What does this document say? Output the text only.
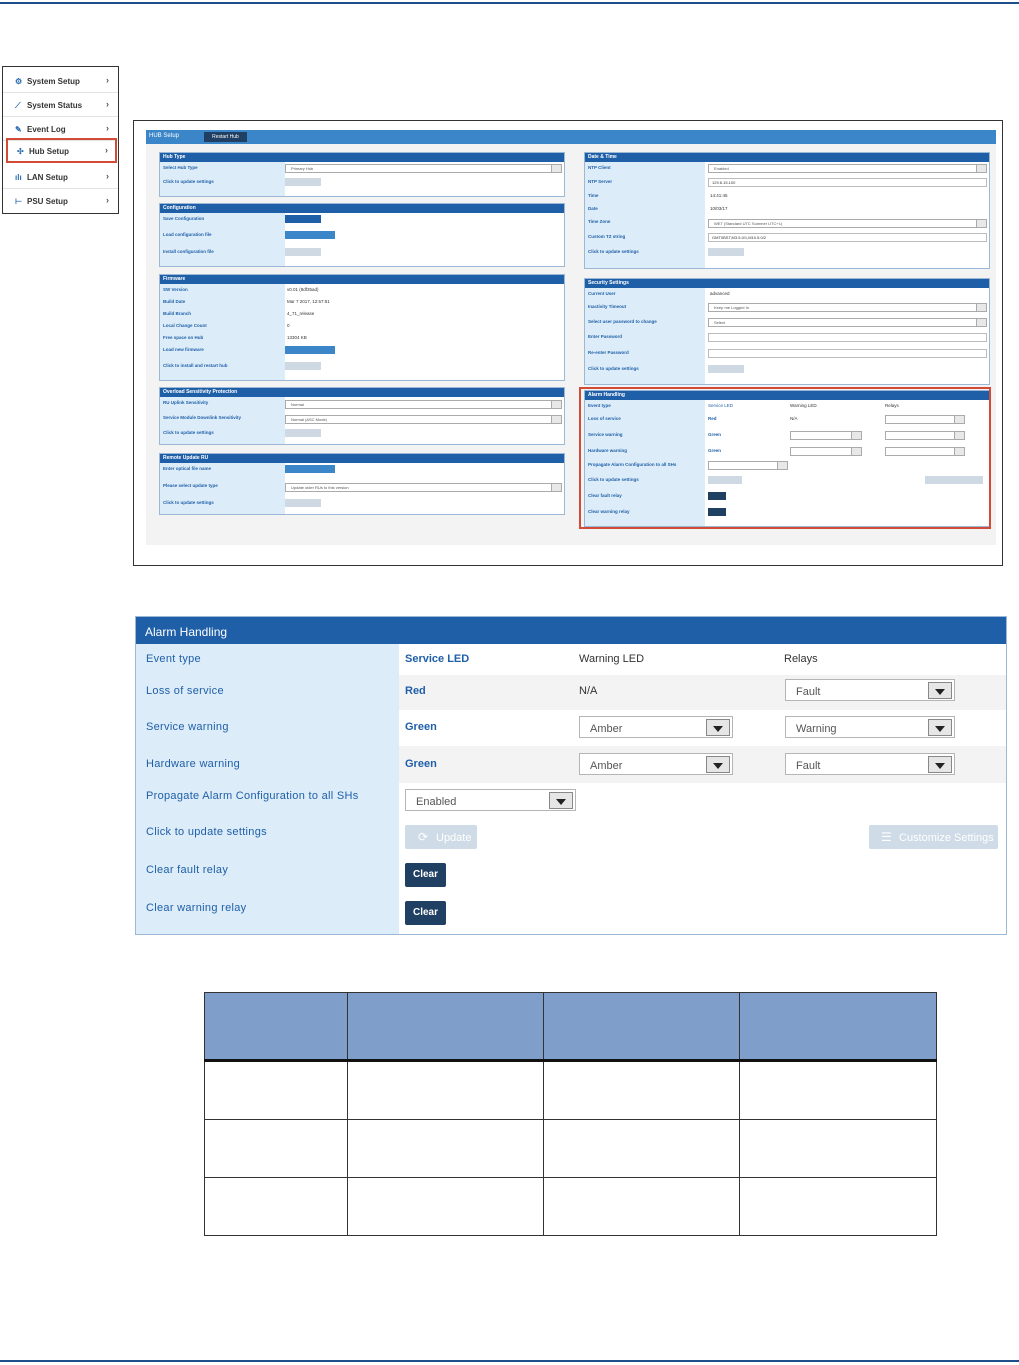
⚙ System Setup	›
⟋ System Status	›
✎ Event Log	›
✣ Hub Setup	›
ılı LAN Setup	›
⊢ PSU Setup	›
HUB Setup	Restart Hub
Hub Type
Select Hub Type	Primary Hub
Click to update settings
Configuration
Save Configuration
Load configuration file
Install configuration file
Firmware
SW Version	v0.01 (8df35ad)
Build Date	Mar 7 2017, 12:57:51
Build Branch	4_71_release
Local Change Count	0
Free space on Hub	13304 KB
Load new firmware
Click to install and restart hub
Overload Sensitivity Protection
RU Uplink Sensitivity	Normal
Service Module Downlink Sensitivity	Normal (ASC Mode)
Click to update settings
Remote Update RU
Enter optical file name
Please select update type	Update older RUs to this version
Click to update settings
Date & Time
NTP Client	Enabled
NTP Server	129.6.15.100
Time	14:41:45
Date	10/03/17
Time Zone	WET (Standard UTC Summer UTC+1)
Custom TZ string	GMT0BST,M3.5.0/1,M10.5.0/2
Click to update settings
Security Settings
Current User	advanced
Inactivity Timeout	Keep me Logged In
Select user password to change	Select
Enter Password
Re-enter Password
Click to update settings
Alarm Handling
Event type	Service LED	Warning LED	Relays
Loss of service	Red	N/A
Service warning	Green
Hardware warning	Green
Propagate Alarm Configuration to all SHs
Click to update settings
Clear fault relay
Clear warning relay
Alarm Handling
Event type	Service LED	Warning LED	Relays
Loss of service	Red	N/A	Fault
Service warning	Green	Amber	Warning
Hardware warning	Green	Amber	Fault
Propagate Alarm Configuration to all SHs	Enabled
Click to update settings	⟳ Update	☰ Customize Settings
Clear fault relay	Clear
Clear warning relay	Clear
